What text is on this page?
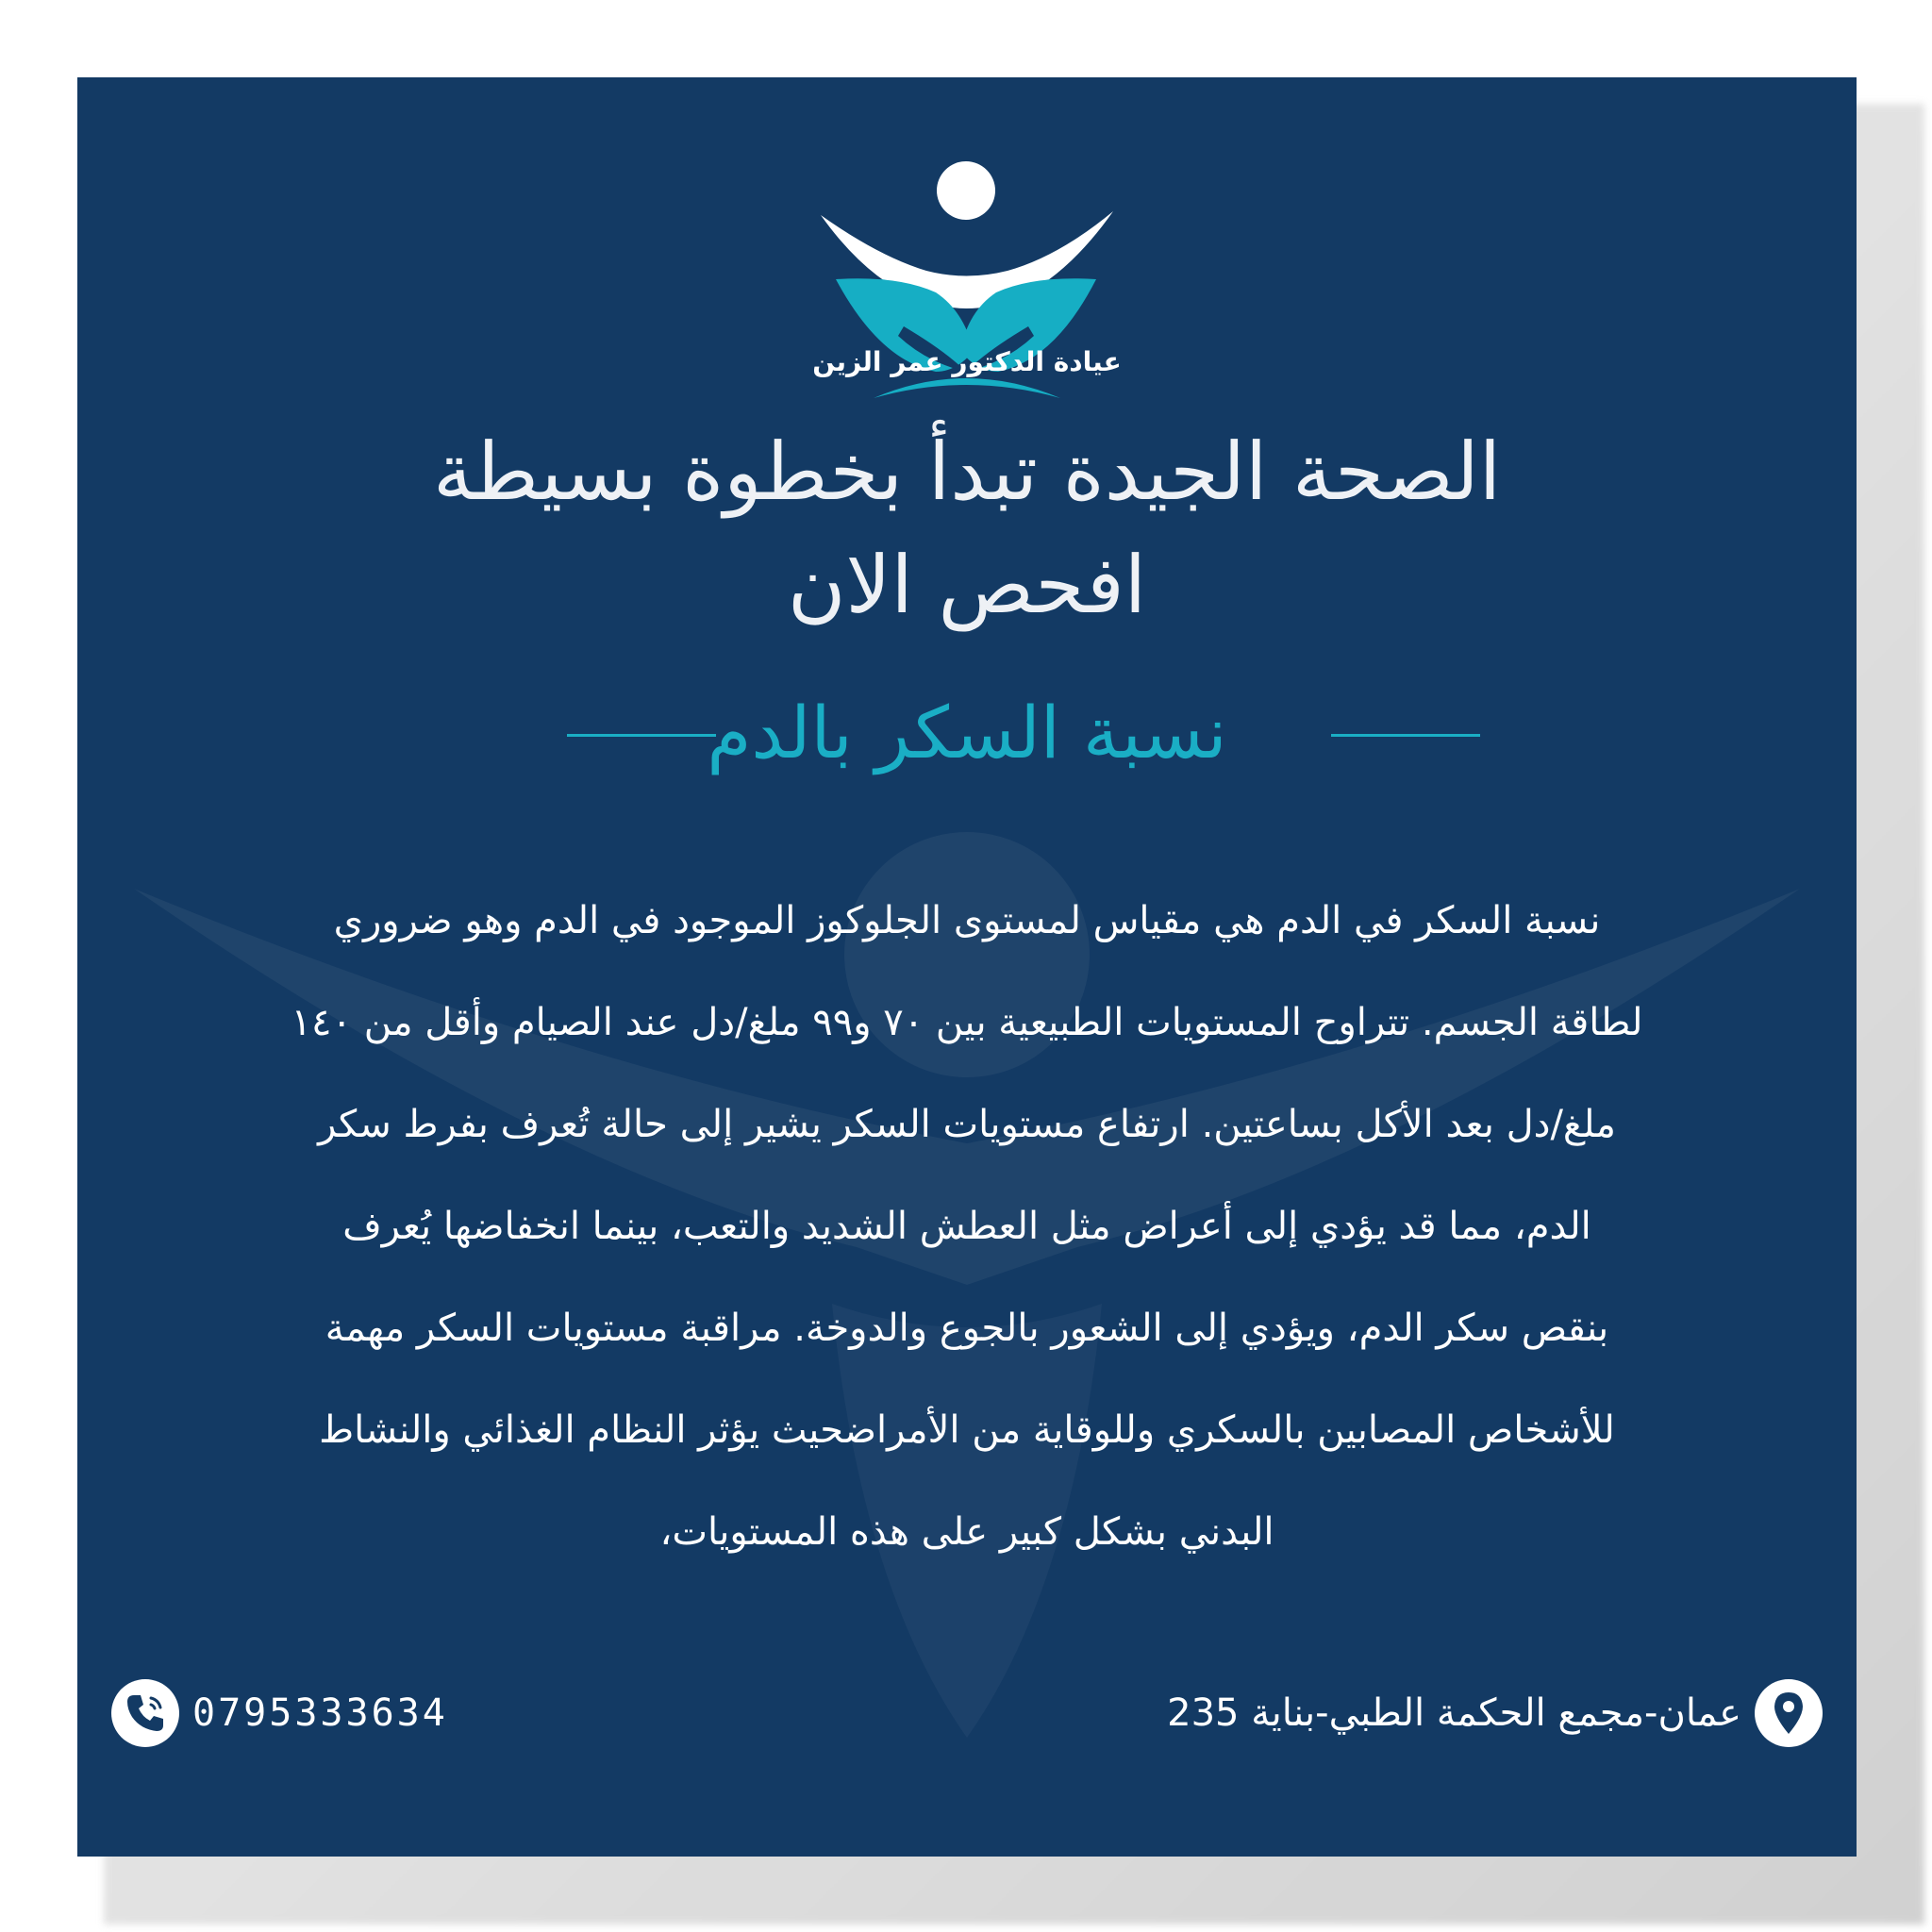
عيادة الدكتور عمر الزين
الصحة الجيدة تبدأ بخطوة بسيطة
افحص الان
نسبة السكر بالدم
نسبة السكر في الدم هي مقياس لمستوى الجلوكوز الموجود في الدم وهو ضروري
لطاقة الجسم. تتراوح المستويات الطبيعية بين ٧٠ و٩٩ ملغ/دل عند الصيام وأقل من ١٤٠
ملغ/دل بعد الأكل بساعتين. ارتفاع مستويات السكر يشير إلى حالة تُعرف بفرط سكر
الدم، مما قد يؤدي إلى أعراض مثل العطش الشديد والتعب، بينما انخفاضها يُعرف
بنقص سكر الدم، ويؤدي إلى الشعور بالجوع والدوخة. مراقبة مستويات السكر مهمة
للأشخاص المصابين بالسكري وللوقاية من الأمراضحيث يؤثر النظام الغذائي والنشاط
البدني بشكل كبير على هذه المستويات،
0795333634	عمان-مجمع الحكمة الطبي-بناية 235
